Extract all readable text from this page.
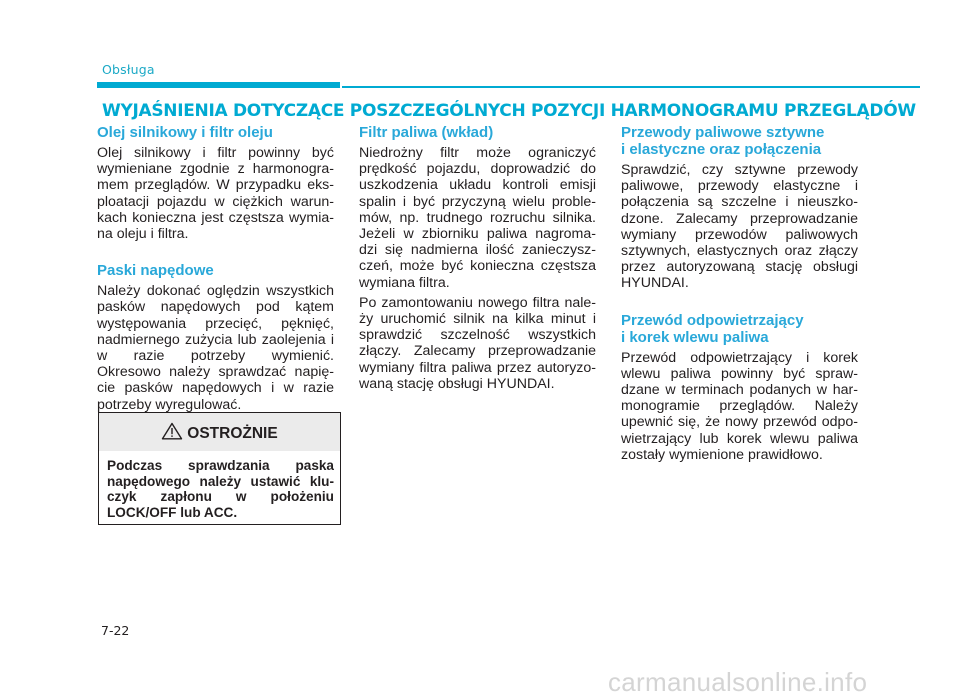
Obsługa
WYJAŚNIENIA DOTYCZĄCE POSZCZEGÓLNYCH POZYCJI HARMONOGRAMU PRZEGLĄDÓW
Olej silnikowy i filtr oleju

Olej silnikowy i filtr powinny być wymieniane zgodnie z harmonogra-mem przeglądów. W przypadku eks-ploatacji pojazdu w ciężkich warun-kach konieczna jest częstsza wymia-na oleju i filtra.

Paski napędowe

Należy dokonać oględzin wszystkich pasków napędowych pod kątem występowania przecięć, pęknięć, nadmiernego zużycia lub zaolejenia i w razie potrzeby wymienić. Okresowo należy sprawdzać napię-cie pasków napędowych i w razie potrzeby wyregulować.

OSTROŻNIE
Podczas sprawdzania paska napędowego należy ustawić klu-czyk zapłonu w położeniu LOCK/OFF lub ACC.
Filtr paliwa (wkład)

Niedrożny filtr może ograniczyć prędkość pojazdu, doprowadzić do uszkodzenia układu kontroli emisji spalin i być przyczyną wielu proble-mów, np. trudnego rozruchu silnika. Jeżeli w zbiorniku paliwa nagroma-dzi się nadmierna ilość zanieczysz-czeń, może być konieczna częstsza wymiana filtra.

Po zamontowaniu nowego filtra nale-ży uruchomić silnik na kilka minut i sprawdzić szczelność wszystkich złączy. Zalecamy przeprowadzanie wymiany filtra paliwa przez autoryzo-waną stację obsługi HYUNDAI.

Przewody paliwowe sztywne
i elastyczne oraz połączenia

Sprawdzić, czy sztywne przewody paliwowe, przewody elastyczne i połączenia są szczelne i nieuszko-dzone. Zalecamy przeprowadzanie wymiany przewodów paliwowych sztywnych, elastycznych oraz złączy przez autoryzowaną stację obsługi HYUNDAI.

Przewód odpowietrzający
i korek wlewu paliwa

Przewód odpowietrzający i korek wlewu paliwa powinny być spraw-dzane w terminach podanych w har-monogramie przeglądów. Należy upewnić się, że nowy przewód odpo-wietrzający lub korek wlewu paliwa zostały wymienione prawidłowo.

7-22
carmanualsonline.info
